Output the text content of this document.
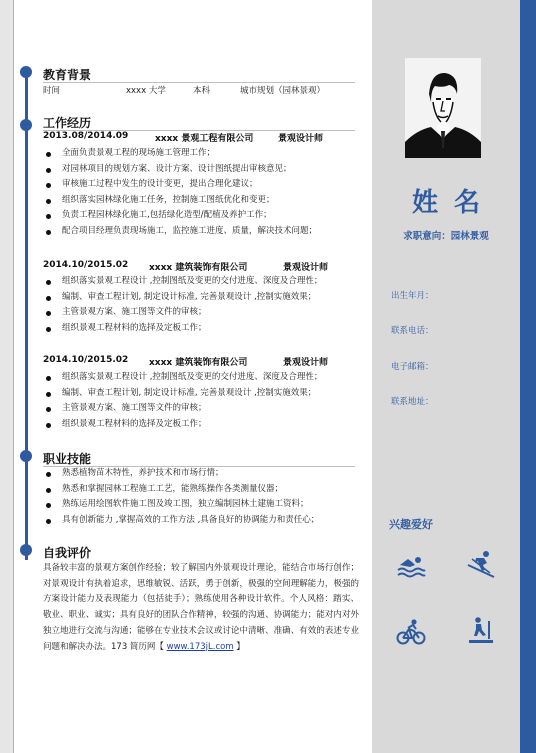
教育背景
时间	xxxx 大学	本科	城市规划（园林景观）
工作经历
2013.08/2014.09	xxxx 景观工程有限公司	景观设计师
全面负责景观工程的现场施工管理工作；
对园林项目的规划方案、设计方案、设计图纸提出审核意见；
审核施工过程中发生的设计变更，提出合理化建议；
组织落实园林绿化施工任务，控制施工图纸优化和变更；
负责工程园林绿化施工,包括绿化造型/配植及养护工作；
配合项目经理负责现场施工，监控施工进度、质量，解决技术问题；
2014.10/2015.02 xxxx 建筑装饰有限公司	景观设计师
组织落实景观工程设计 ,控制图纸及变更的交付进度、深度及合理性；
编制、审查工程计划, 制定设计标准, 完善景观设计 ,控制实施效果；
主管景观方案、施工图等文件的审核；
组织景观工程材料的选择及定板工作；
2014.10/2015.02 xxxx 建筑装饰有限公司	景观设计师
组织落实景观工程设计 ,控制图纸及变更的交付进度、深度及合理性；
编制、审查工程计划, 制定设计标准, 完善景观设计 ,控制实施效果；
主管景观方案、施工图等文件的审核；
组织景观工程材料的选择及定板工作；
职业技能
熟悉植物苗木特性，养护技术和市场行情；
熟悉和掌握园林工程施工工艺，能熟练操作各类测量仪器；
熟练运用绘图软件施工图及竣工图，独立编制园林土建施工资料；
具有创新能力 ,掌握高效的工作方法 ,具备良好的协调能力和责任心；
自我评价
具备较丰富的景观方案创作经验；较了解国内外景观设计理论，能结合市场行创作；对景观设计有执着追求，思维敏锐、活跃，勇于创新，极强的空间理解能力，极强的方案设计能力及表现能力（包括徒手）；熟练使用各种设计软件。个人风格：踏实、敬业、职业、诚实；具有良好的团队合作精神，较强的沟通、协调能力；能对内对外独立地进行交流与沟通；能够在专业技术会议或讨论中清晰、准确、有效的表述专业问题和解决办法。173 简历网【 www.173jL.com 】
姓名
求职意向：园林景观
出生年月：
联系电话：
电子邮箱：
联系地址：
兴趣爱好
